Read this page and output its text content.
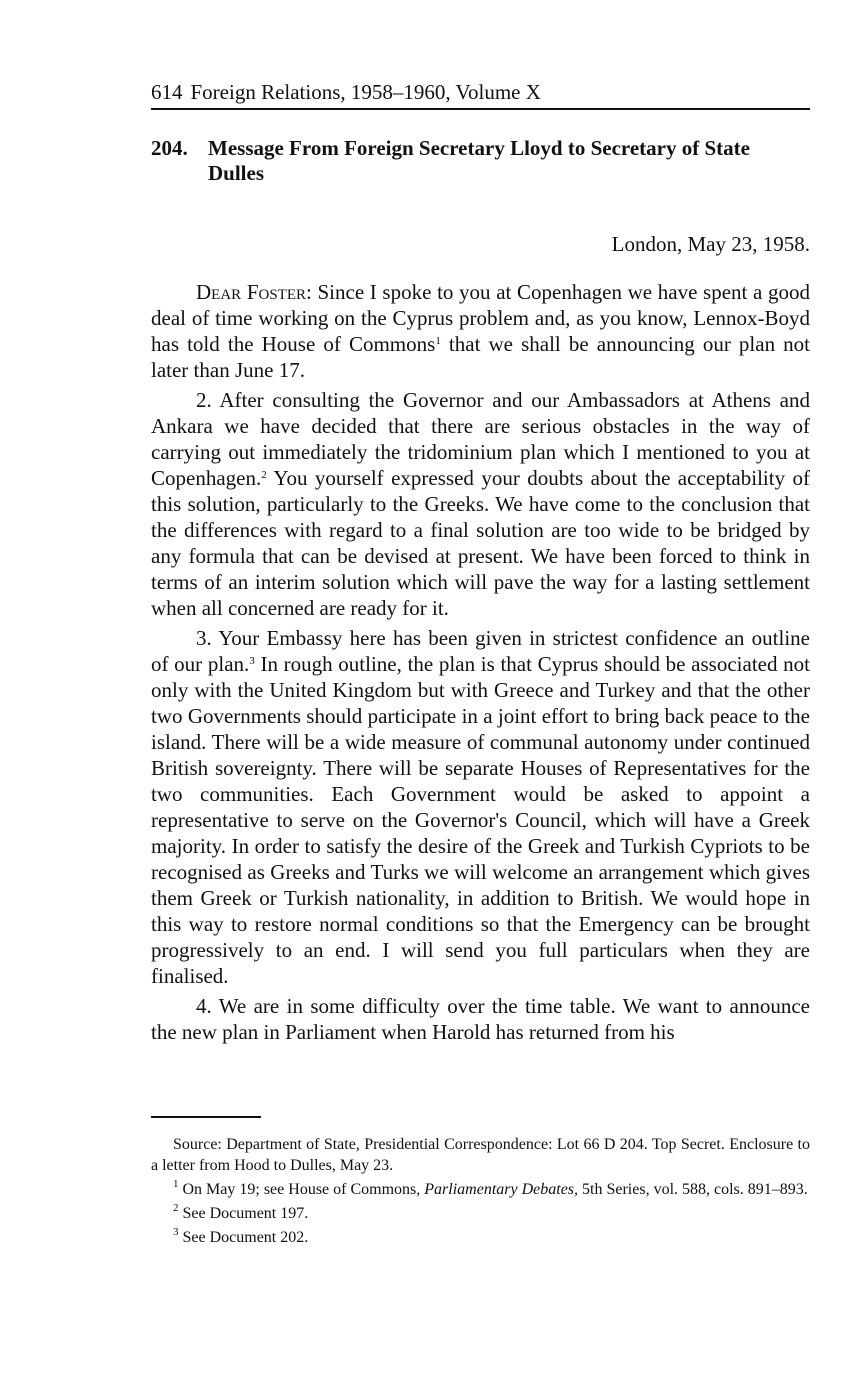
614 Foreign Relations, 1958–1960, Volume X
204. Message From Foreign Secretary Lloyd to Secretary of State Dulles
London, May 23, 1958.

Dear Foster: Since I spoke to you at Copenhagen we have spent a good deal of time working on the Cyprus problem and, as you know, Lennox-Boyd has told the House of Commons$^1$ that we shall be announcing our plan not later than June 17.

2. After consulting the Governor and our Ambassadors at Athens and Ankara we have decided that there are serious obstacles in the way of carrying out immediately the tridominium plan which I mentioned to you at Copenhagen.$^2$ You yourself expressed your doubts about the acceptability of this solution, particularly to the Greeks. We have come to the conclusion that the differences with regard to a final solution are too wide to be bridged by any formula that can be devised at present. We have been forced to think in terms of an interim solution which will pave the way for a lasting settlement when all concerned are ready for it.

3. Your Embassy here has been given in strictest confidence an outline of our plan.$^3$ In rough outline, the plan is that Cyprus should be associated not only with the United Kingdom but with Greece and Turkey and that the other two Governments should participate in a joint effort to bring back peace to the island. There will be a wide measure of communal autonomy under continued British sovereignty. There will be separate Houses of Representatives for the two communities. Each Government would be asked to appoint a representative to serve on the Governor's Council, which will have a Greek majority. In order to satisfy the desire of the Greek and Turkish Cypriots to be recognised as Greeks and Turks we will welcome an arrangement which gives them Greek or Turkish nationality, in addition to British. We would hope in this way to restore normal conditions so that the Emergency can be brought progressively to an end. I will send you full particulars when they are finalised.

4. We are in some difficulty over the time table. We want to announce the new plan in Parliament when Harold has returned from his

Source: Department of State, Presidential Correspondence: Lot 66 D 204. Top Secret. Enclosure to a letter from Hood to Dulles, May 23.

$^1$ On May 19; see House of Commons, Parliamentary Debates, 5th Series, vol. 588, cols. 891–893.

$^2$ See Document 197.

$^3$ See Document 202.
